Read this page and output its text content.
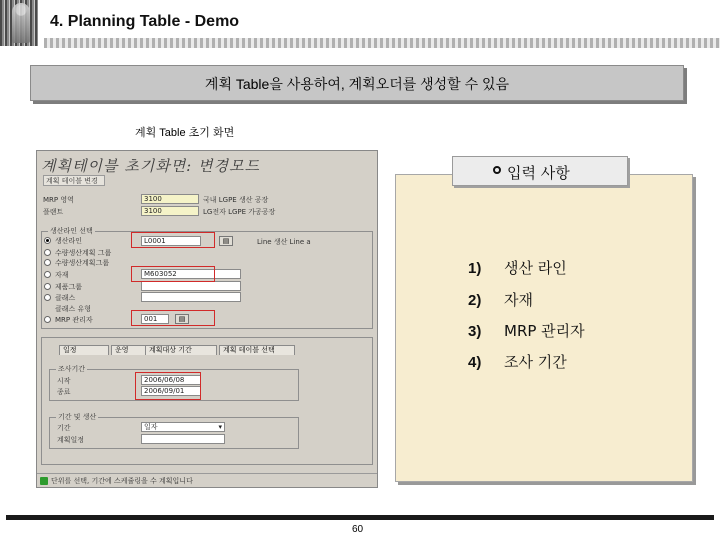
4. Planning Table - Demo
계획 Table을 사용하여, 계획오더를 생성할 수 있음
계획 Table 초기 화면
계획테이블 초기화면: 변경모드
계획 테이블 변경
MRP 영역	3100	국내 LGPE 생산 공장
플랜트	3100	LG전자 LGPE 가공공장
생산라인 선택
생산라인	L0001	▤	Line 생산 Line a
수량생산계획 그룹
수량생산계획그룹
자재	M603052
제품그룹
클래스
클래스 유형
MRP 관리자	001	▤
일정	운영	계획대상 기간	계획 테이블 선택
조사기간
시작	2006/06/08
종료	2006/09/01
기간 및 생산
기간	일자	▾
계획일정
단위를 선택, 기간에 스케쥴링을 수 계획입니다
1) 생산 라인
2) 자재
3) MRP 관리자
4) 조사 기간
입력 사항
60
